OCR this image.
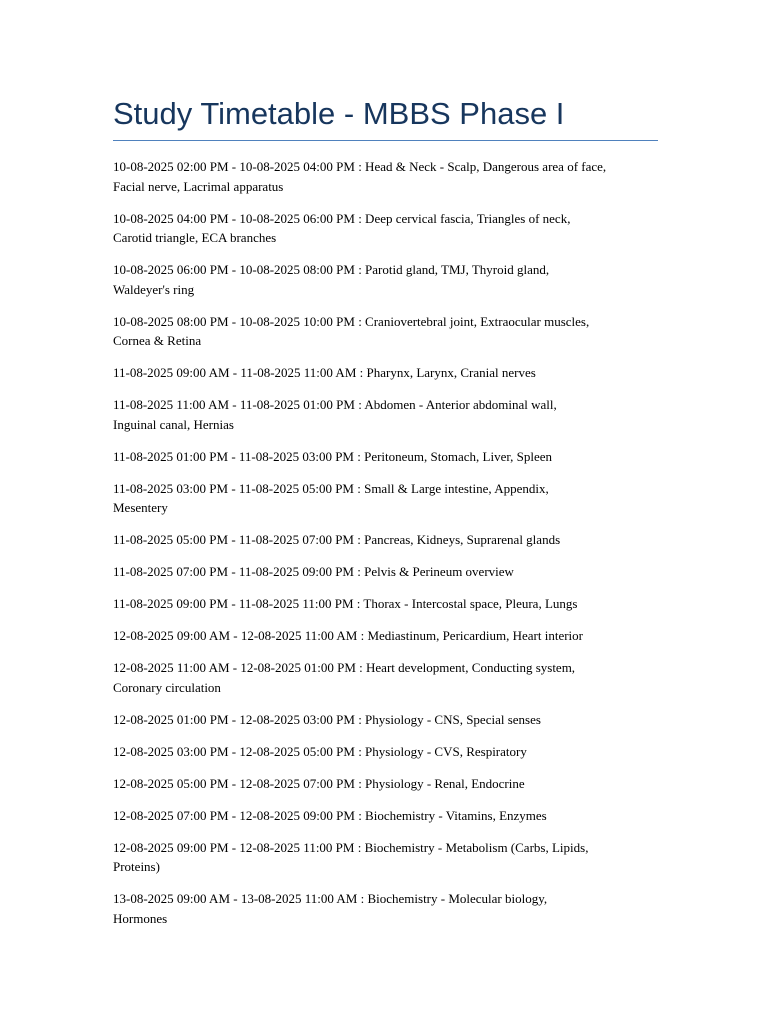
Study Timetable - MBBS Phase I

10-08-2025 02:00 PM - 10-08-2025 04:00 PM : Head & Neck - Scalp, Dangerous area of face,
Facial nerve, Lacrimal apparatus

10-08-2025 04:00 PM - 10-08-2025 06:00 PM : Deep cervical fascia, Triangles of neck,
Carotid triangle, ECA branches

10-08-2025 06:00 PM - 10-08-2025 08:00 PM : Parotid gland, TMJ, Thyroid gland,
Waldeyer's ring

10-08-2025 08:00 PM - 10-08-2025 10:00 PM : Craniovertebral joint, Extraocular muscles,
Cornea & Retina

11-08-2025 09:00 AM - 11-08-2025 11:00 AM : Pharynx, Larynx, Cranial nerves

11-08-2025 11:00 AM - 11-08-2025 01:00 PM : Abdomen - Anterior abdominal wall,
Inguinal canal, Hernias

11-08-2025 01:00 PM - 11-08-2025 03:00 PM : Peritoneum, Stomach, Liver, Spleen

11-08-2025 03:00 PM - 11-08-2025 05:00 PM : Small & Large intestine, Appendix,
Mesentery

11-08-2025 05:00 PM - 11-08-2025 07:00 PM : Pancreas, Kidneys, Suprarenal glands

11-08-2025 07:00 PM - 11-08-2025 09:00 PM : Pelvis & Perineum overview

11-08-2025 09:00 PM - 11-08-2025 11:00 PM : Thorax - Intercostal space, Pleura, Lungs

12-08-2025 09:00 AM - 12-08-2025 11:00 AM : Mediastinum, Pericardium, Heart interior

12-08-2025 11:00 AM - 12-08-2025 01:00 PM : Heart development, Conducting system,
Coronary circulation

12-08-2025 01:00 PM - 12-08-2025 03:00 PM : Physiology - CNS, Special senses

12-08-2025 03:00 PM - 12-08-2025 05:00 PM : Physiology - CVS, Respiratory

12-08-2025 05:00 PM - 12-08-2025 07:00 PM : Physiology - Renal, Endocrine

12-08-2025 07:00 PM - 12-08-2025 09:00 PM : Biochemistry - Vitamins, Enzymes

12-08-2025 09:00 PM - 12-08-2025 11:00 PM : Biochemistry - Metabolism (Carbs, Lipids,
Proteins)

13-08-2025 09:00 AM - 13-08-2025 11:00 AM : Biochemistry - Molecular biology,
Hormones
